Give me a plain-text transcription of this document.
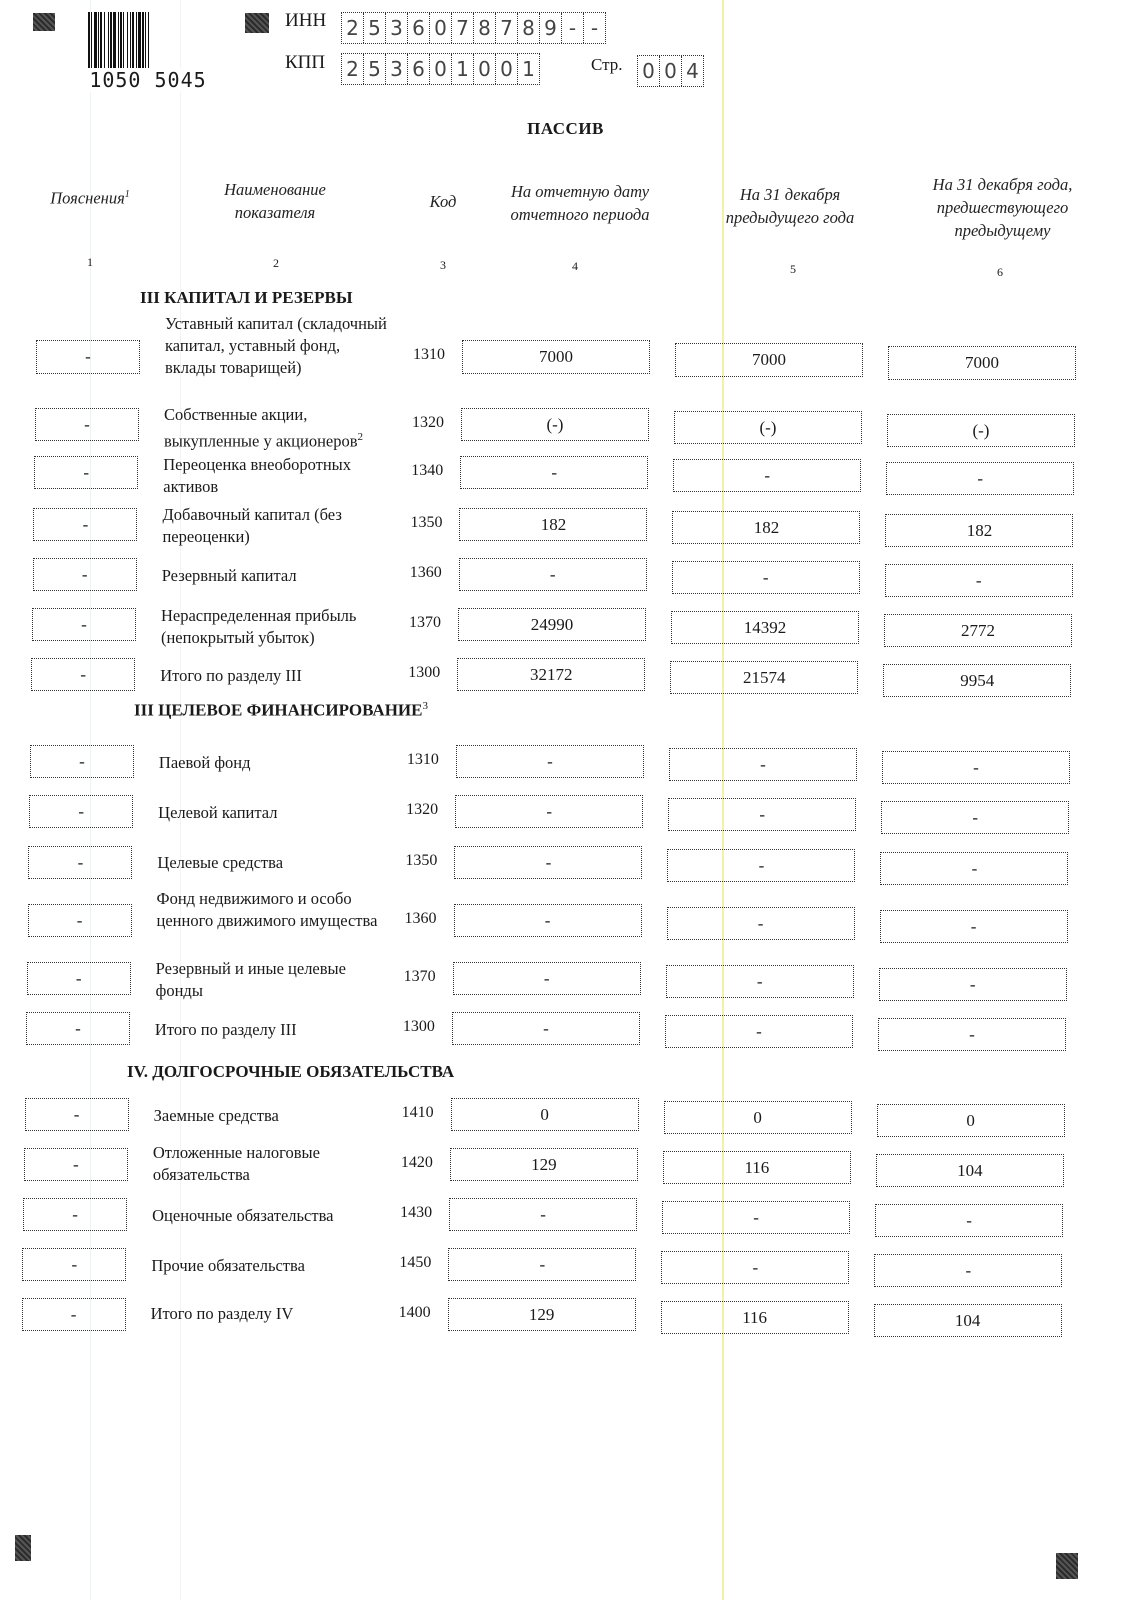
1050 5045
ИНН 2 5 3 6 0 7 8 7 8 9 - -
КПП 2 5 3 6 0 1 0 0 1	Стр. 0 0 4
ПАССИВ
Пояснения$^1$	Наименование показателя
Код
На отчетную дату отчетного периода
На 31 декабря предыдущего года
На 31 декабря года, предшествующего предыдущему
1	2	3	4	5	6
III КАПИТАЛ И РЕЗЕРВЫ
-
Уставный капитал (складочный капитал, уставный фонд, вклады товарищей)
1310	7000	7000	7000
-	Собственные акции, выкупленные у акционеров$^2$
1320	(-)	(-)	(-)
-	Переоценка внеоборотных активов
1340	-	-	-
-	Добавочный капитал (без переоценки)
1350	182	182	182
-	Резервный капитал	1360	-	-	-
-	Нераспределенная прибыль (непокрытый убыток)
1370	24990	14392	2772
-	Итого по разделу III	1300	32172	21574	9954
III ЦЕЛЕВОЕ ФИНАНСИРОВАНИЕ$^3$
-	Паевой фонд	1310	-	-	-
-	Целевой капитал	1320	-	-	-
-	Целевые средства	1350	-	-	-
-
Фонд недвижимого и особо ценного движимого имущества	1360	-	-	-
-	Резервный и иные целевые фонды
1370	-	-	-
-	Итого по разделу III	1300	-	-	-
IV. ДОЛГОСРОЧНЫЕ ОБЯЗАТЕЛЬСТВА
-	Заемные средства	1410	0	0	0
-
Отложенные налоговые обязательства
1420	129	116	104
-	Оценочные обязательства	1430	-	-	-
-	Прочие обязательства	1450	-	-	-
-	Итого по разделу IV	1400	129	116	104
